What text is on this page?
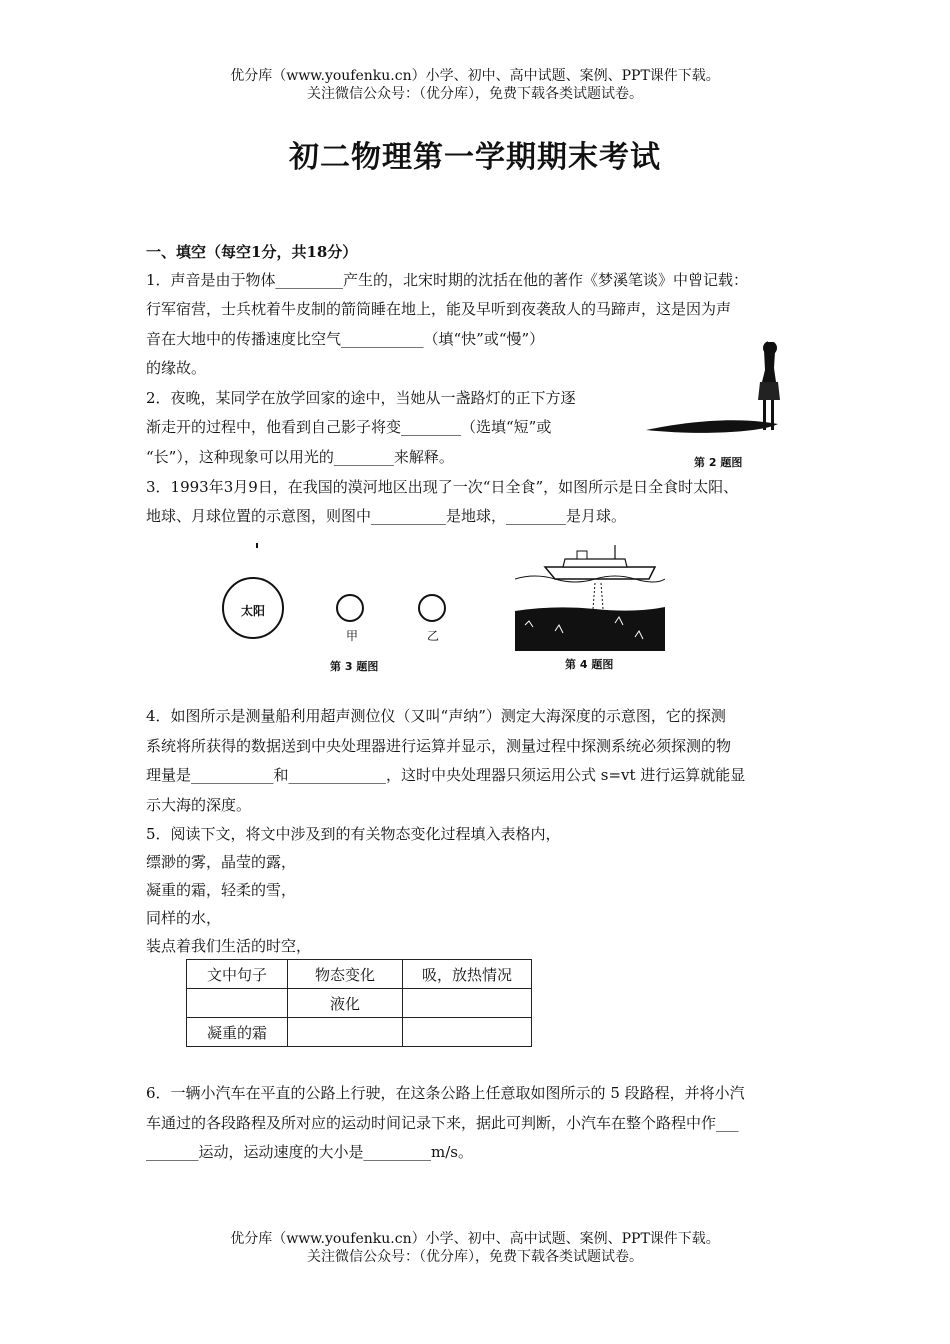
优分库（www.youfenku.cn）小学、初中、高中试题、案例、PPT课件下载。
关注微信公众号：（优分库），免费下载各类试题试卷。
初二物理第一学期期末考试
一、填空（每空1分，共18分）
1．声音是由于物体_________产生的，北宋时期的沈括在他的著作《梦溪笔谈》中曾记载：
行军宿营，士兵枕着牛皮制的箭筒睡在地上，能及早听到夜袭敌人的马蹄声，这是因为声
音在大地中的传播速度比空气___________（填“快”或“慢”）
的缘故。
2．夜晚，某同学在放学回家的途中，当她从一盏路灯的正下方逐
渐走开的过程中，他看到自己影子将变________（选填“短”或
“长”），这种现象可以用光的________来解释。	第 2 题图
3．1993年3月9日，在我国的漠河地区出现了一次“日全食”，如图所示是日全食时太阳、
地球、月球位置的示意图，则图中__________是地球，________是月球。
太阳
甲	乙
第 3 题图	第 4 题图
4．如图所示是测量船利用超声测位仪（又叫“声纳”）测定大海深度的示意图，它的探测
系统将所获得的数据送到中央处理器进行运算并显示，测量过程中探测系统必须探测的物
理量是___________和_____________，这时中央处理器只须运用公式 s=vt 进行运算就能显
示大海的深度。
5．阅读下文，将文中涉及到的有关物态变化过程填入表格内，
缥渺的雾，晶莹的露，
凝重的霜，轻柔的雪，
同样的水，
装点着我们生活的时空，
文中句子	物态变化	吸，放热情况
	液化	
凝重的霜		
6．一辆小汽车在平直的公路上行驶，在这条公路上任意取如图所示的 5 段路程，并将小汽
车通过的各段路程及所对应的运动时间记录下来，据此可判断，小汽车在整个路程中作___
_______运动，运动速度的大小是_________m/s。
优分库（www.youfenku.cn）小学、初中、高中试题、案例、PPT课件下载。
关注微信公众号：（优分库），免费下载各类试题试卷。
